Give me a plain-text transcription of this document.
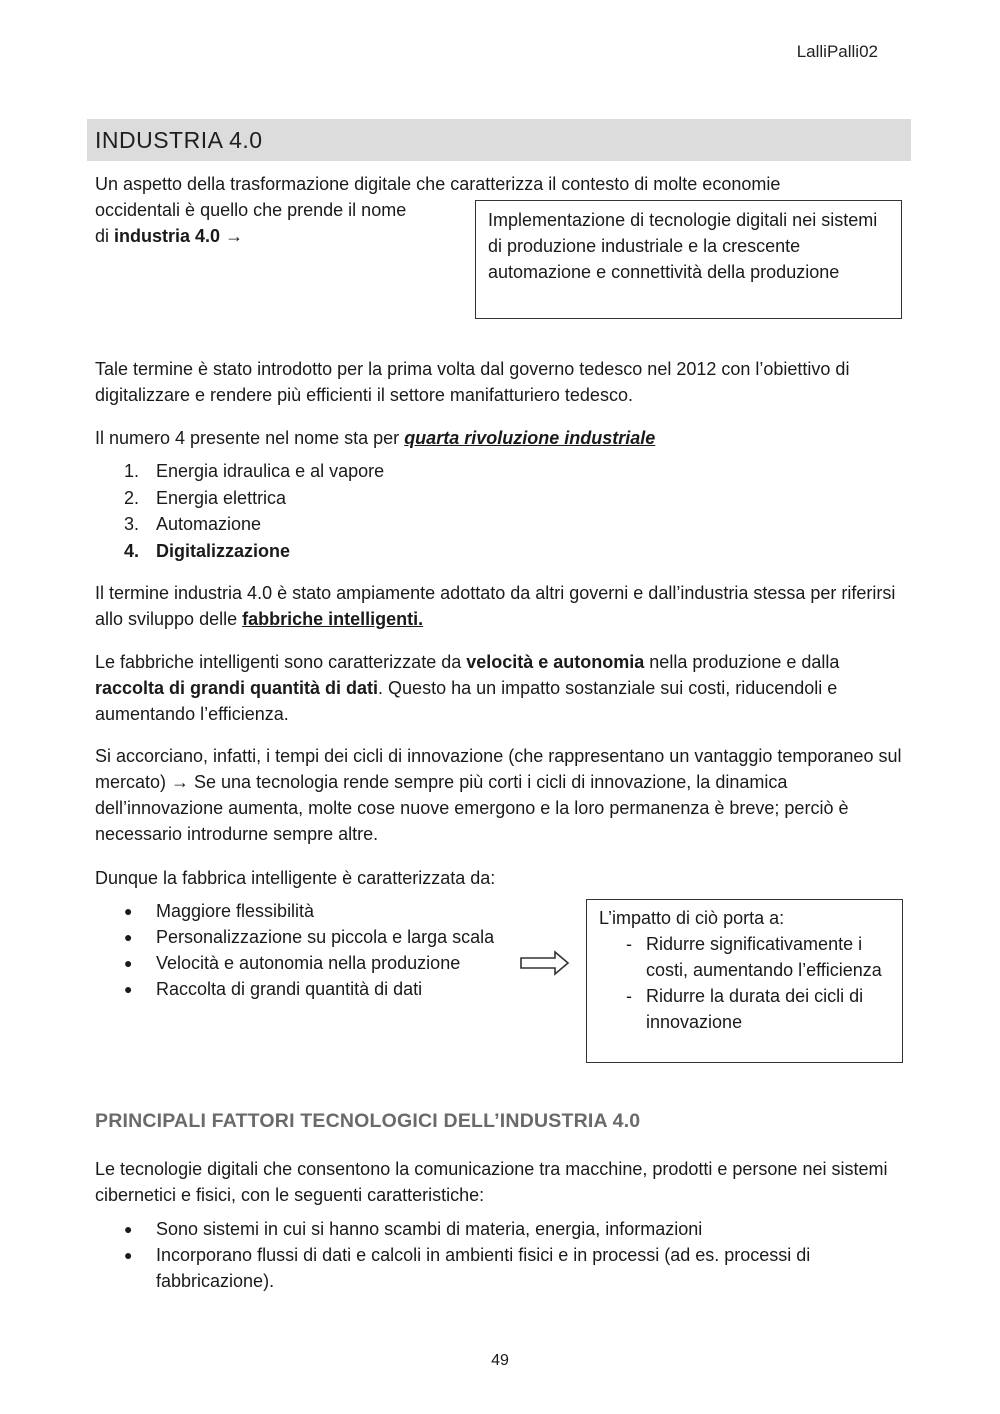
LalliPalli02
INDUSTRIA 4.0
Un aspetto della trasformazione digitale che caratterizza il contesto di molte economie
occidentali è quello che prende il nome
di industria 4.0 →
Implementazione di tecnologie digitali nei sistemi di produzione industriale e la crescente automazione e connettività della produzione
Tale termine è stato introdotto per la prima volta dal governo tedesco nel 2012 con l’obiettivo di digitalizzare e rendere più efficienti il settore manifatturiero tedesco.
Il numero 4 presente nel nome sta per quarta rivoluzione industriale
1. Energia idraulica e al vapore
2. Energia elettrica
3. Automazione
4. Digitalizzazione
Il termine industria 4.0 è stato ampiamente adottato da altri governi e dall’industria stessa per riferirsi allo sviluppo delle fabbriche intelligenti.
Le fabbriche intelligenti sono caratterizzate da velocità e autonomia nella produzione e dalla raccolta di grandi quantità di dati. Questo ha un impatto sostanziale sui costi, riducendoli e aumentando l’efficienza.
Si accorciano, infatti, i tempi dei cicli di innovazione (che rappresentano un vantaggio temporaneo sul mercato) → Se una tecnologia rende sempre più corti i cicli di innovazione, la dinamica dell’innovazione aumenta, molte cose nuove emergono e la loro permanenza è breve; perciò è necessario introdurne sempre altre.
Dunque la fabbrica intelligente è caratterizzata da:
● Maggiore flessibilità
● Personalizzazione su piccola e larga scala
● Velocità e autonomia nella produzione
● Raccolta di grandi quantità di dati
L’impatto di ciò porta a:
- Ridurre significativamente i costi, aumentando l’efficienza
- Ridurre la durata dei cicli di innovazione
PRINCIPALI FATTORI TECNOLOGICI DELL’INDUSTRIA 4.0
Le tecnologie digitali che consentono la comunicazione tra macchine, prodotti e persone nei sistemi cibernetici e fisici, con le seguenti caratteristiche:
●	Sono sistemi in cui si hanno scambi di materia, energia, informazioni
●	Incorporano flussi di dati e calcoli in ambienti fisici e in processi (ad es. processi di fabbricazione).
49
